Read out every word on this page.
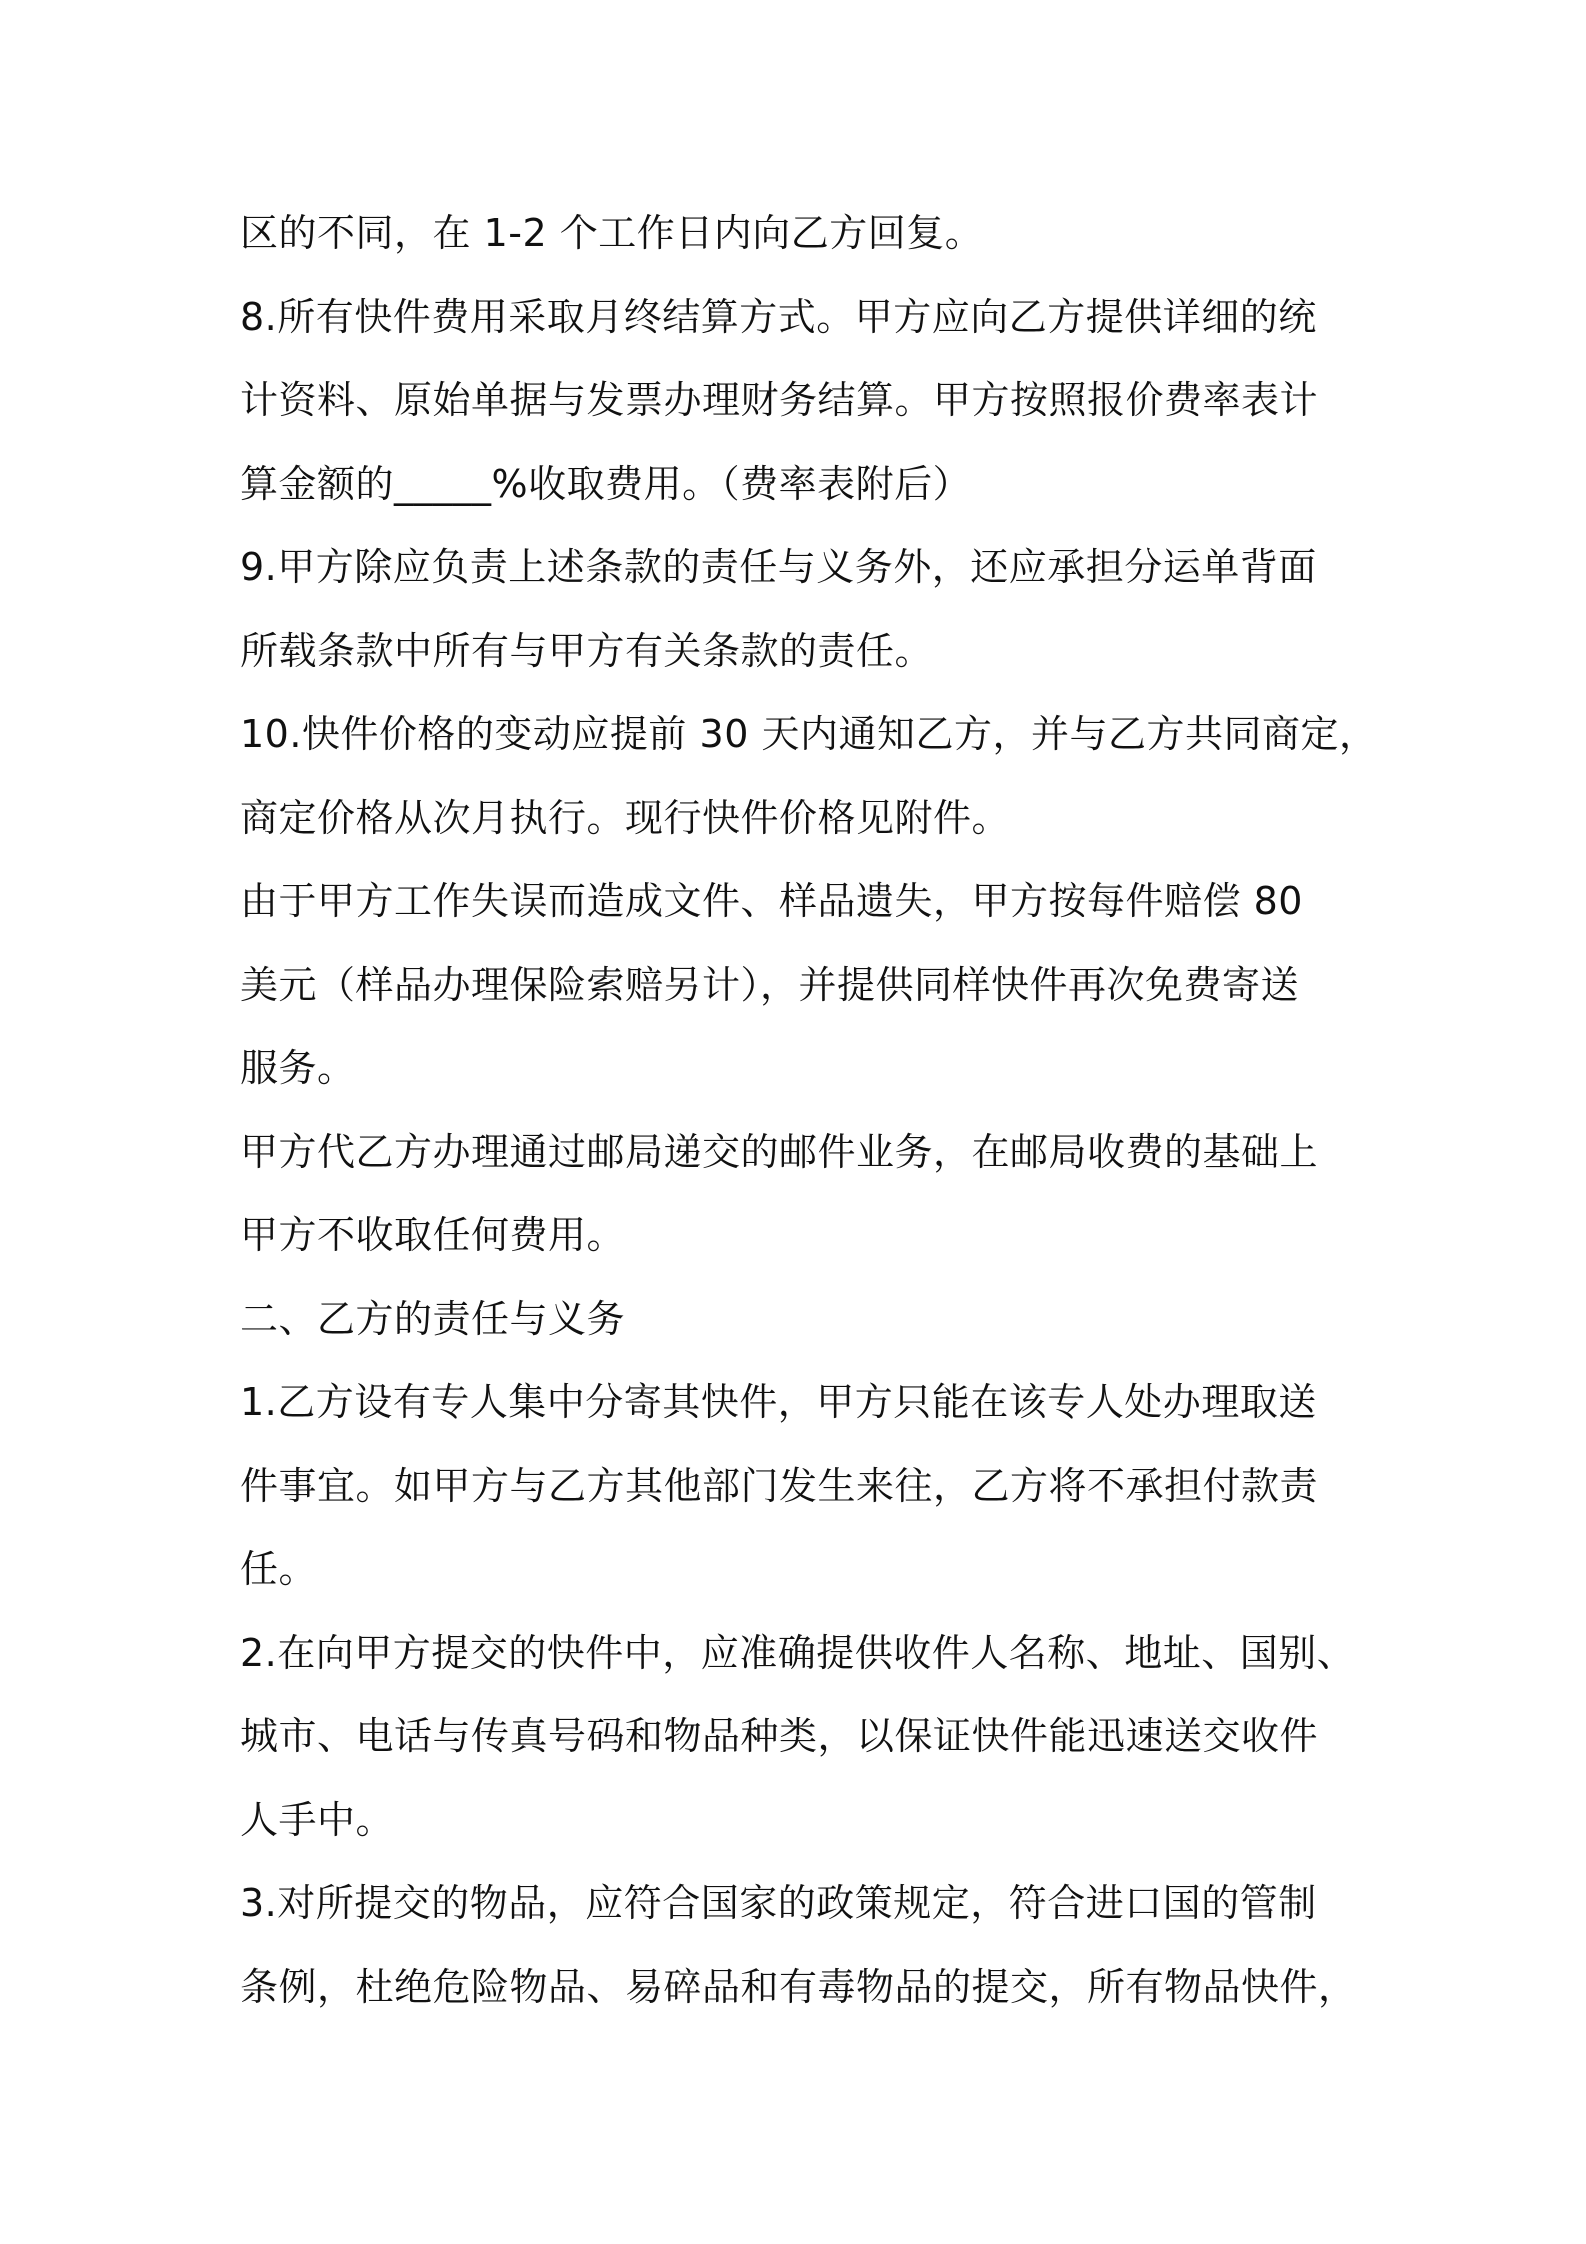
区的不同，在 1-2 个工作日内向乙方回复。
8.所有快件费用采取月终结算方式。甲方应向乙方提供详细的统
计资料、原始单据与发票办理财务结算。甲方按照报价费率表计
算金额的_____%收取费用。（费率表附后）
9.甲方除应负责上述条款的责任与义务外，还应承担分运单背面
所载条款中所有与甲方有关条款的责任。
10.快件价格的变动应提前 30 天内通知乙方，并与乙方共同商定，
商定价格从次月执行。现行快件价格见附件。
由于甲方工作失误而造成文件、样品遗失，甲方按每件赔偿 80
美元（样品办理保险索赔另计），并提供同样快件再次免费寄送
服务。
甲方代乙方办理通过邮局递交的邮件业务，在邮局收费的基础上
甲方不收取任何费用。
二、乙方的责任与义务
1.乙方设有专人集中分寄其快件，甲方只能在该专人处办理取送
件事宜。如甲方与乙方其他部门发生来往，乙方将不承担付款责
任。
2.在向甲方提交的快件中，应准确提供收件人名称、地址、国别、
城市、电话与传真号码和物品种类，以保证快件能迅速送交收件
人手中。
3.对所提交的物品，应符合国家的政策规定，符合进口国的管制
条例，杜绝危险物品、易碎品和有毒物品的提交，所有物品快件，
